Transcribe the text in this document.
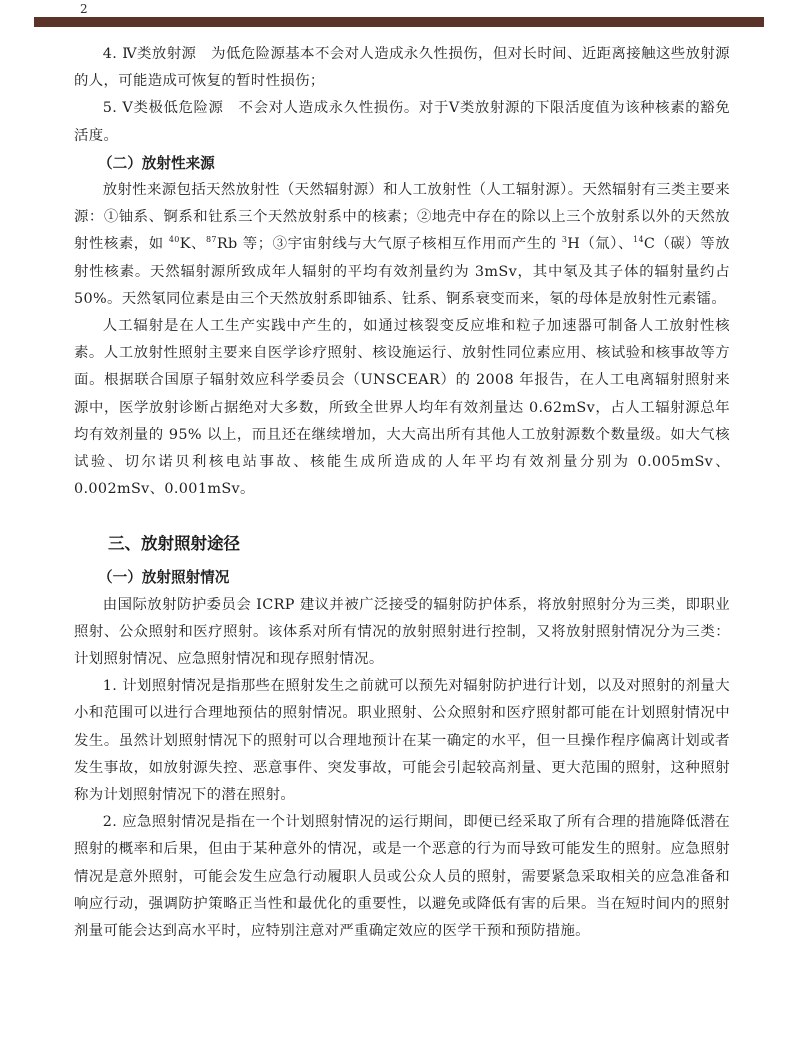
2

4. Ⅳ类放射源　为低危险源基本不会对人造成永久性损伤，但对长时间、近距离接触这些放射源的人，可能造成可恢复的暂时性损伤；

5. Ⅴ类极低危险源　不会对人造成永久性损伤。对于Ⅴ类放射源的下限活度值为该种核素的豁免活度。

（二）放射性来源

放射性来源包括天然放射性（天然辐射源）和人工放射性（人工辐射源）。天然辐射有三类主要来源：①铀系、锕系和钍系三个天然放射系中的核素；②地壳中存在的除以上三个放射系以外的天然放射性核素，如 $^{40}$K、$^{87}$Rb 等；③宇宙射线与大气原子核相互作用而产生的 $^3$H（氚）、$^{14}$C（碳）等放射性核素。天然辐射源所致成年人辐射的平均有效剂量约为 3mSv，其中氡及其子体的辐射量约占 50%。天然氡同位素是由三个天然放射系即铀系、钍系、锕系衰变而来，氡的母体是放射性元素镭。

人工辐射是在人工生产实践中产生的，如通过核裂变反应堆和粒子加速器可制备人工放射性核素。人工放射性照射主要来自医学诊疗照射、核设施运行、放射性同位素应用、核试验和核事故等方面。根据联合国原子辐射效应科学委员会（UNSCEAR）的 2008 年报告，在人工电离辐射照射来源中，医学放射诊断占据绝对大多数，所致全世界人均年有效剂量达 0.62mSv，占人工辐射源总年均有效剂量的 95% 以上，而且还在继续增加，大大高出所有其他人工放射源数个数量级。如大气核试验、切尔诺贝利核电站事故、核能生成所造成的人年平均有效剂量分别为 0.005mSv、0.002mSv、0.001mSv。

三、放射照射途径
（一）放射照射情况

由国际放射防护委员会 ICRP 建议并被广泛接受的辐射防护体系，将放射照射分为三类，即职业照射、公众照射和医疗照射。该体系对所有情况的放射照射进行控制，又将放射照射情况分为三类：计划照射情况、应急照射情况和现存照射情况。

1. 计划照射情况是指那些在照射发生之前就可以预先对辐射防护进行计划，以及对照射的剂量大小和范围可以进行合理地预估的照射情况。职业照射、公众照射和医疗照射都可能在计划照射情况中发生。虽然计划照射情况下的照射可以合理地预计在某一确定的水平，但一旦操作程序偏离计划或者发生事故，如放射源失控、恶意事件、突发事故，可能会引起较高剂量、更大范围的照射，这种照射称为计划照射情况下的潜在照射。

2. 应急照射情况是指在一个计划照射情况的运行期间，即便已经采取了所有合理的措施降低潜在照射的概率和后果，但由于某种意外的情况，或是一个恶意的行为而导致可能发生的照射。应急照射情况是意外照射，可能会发生应急行动履职人员或公众人员的照射，需要紧急采取相关的应急准备和响应行动，强调防护策略正当性和最优化的重要性，以避免或降低有害的后果。当在短时间内的照射剂量可能会达到高水平时，应特别注意对严重确定效应的医学干预和预防措施。
